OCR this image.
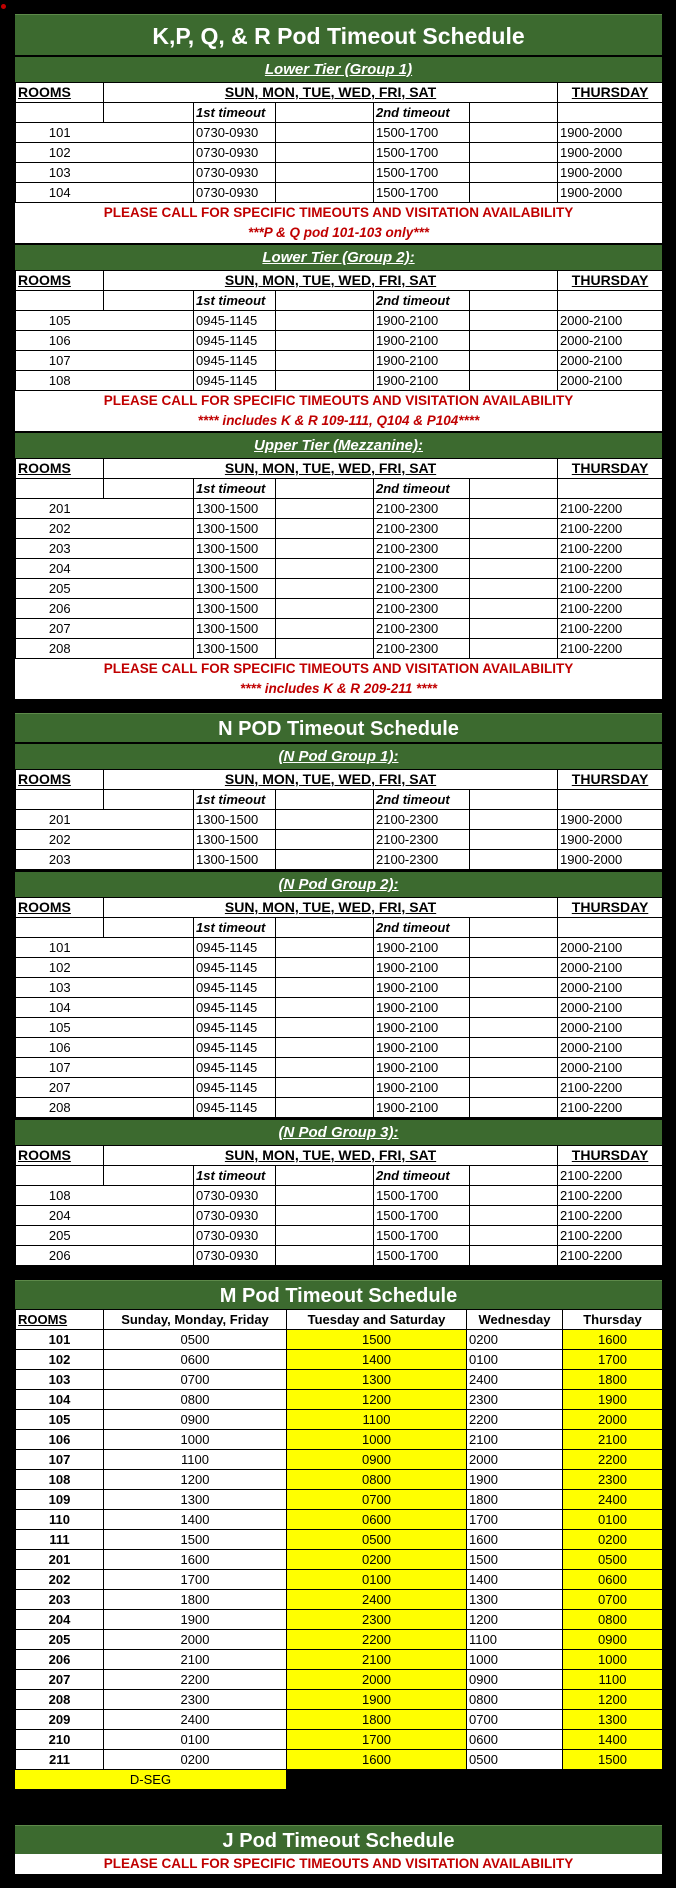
K,P, Q, & R Pod Timeout Schedule
Lower Tier (Group 1)
ROOMS	SUN, MON, TUE, WED, FRI, SAT					THURSDAY
		1st timeout		2nd timeout		
101		0730-0930		1500-1700		1900-2000
102		0730-0930		1500-1700		1900-2000
103		0730-0930		1500-1700		1900-2000
104		0730-0930		1500-1700		1900-2000
PLEASE CALL FOR SPECIFIC TIMEOUTS AND VISITATION AVAILABILITY
***P & Q pod 101-103 only***
Lower Tier (Group 2):
ROOMS	SUN, MON, TUE, WED, FRI, SAT					THURSDAY
		1st timeout		2nd timeout		
105		0945-1145		1900-2100		2000-2100
106		0945-1145		1900-2100		2000-2100
107		0945-1145		1900-2100		2000-2100
108		0945-1145		1900-2100		2000-2100
PLEASE CALL FOR SPECIFIC TIMEOUTS AND VISITATION AVAILABILITY
**** includes K & R 109-111, Q104 & P104****
Upper Tier (Mezzanine):
ROOMS	SUN, MON, TUE, WED, FRI, SAT					THURSDAY
		1st timeout		2nd timeout		
201		1300-1500		2100-2300		2100-2200
202		1300-1500		2100-2300		2100-2200
203		1300-1500		2100-2300		2100-2200
204		1300-1500		2100-2300		2100-2200
205		1300-1500		2100-2300		2100-2200
206		1300-1500		2100-2300		2100-2200
207		1300-1500		2100-2300		2100-2200
208		1300-1500		2100-2300		2100-2200
PLEASE CALL FOR SPECIFIC TIMEOUTS AND VISITATION AVAILABILITY
**** includes K & R 209-211 ****
N POD Timeout Schedule
(N Pod Group 1):
ROOMS	SUN, MON, TUE, WED, FRI, SAT					THURSDAY
		1st timeout		2nd timeout		
201		1300-1500		2100-2300		1900-2000
202		1300-1500		2100-2300		1900-2000
203		1300-1500		2100-2300		1900-2000
(N Pod Group 2):
ROOMS	SUN, MON, TUE, WED, FRI, SAT					THURSDAY
		1st timeout		2nd timeout		
101		0945-1145		1900-2100		2000-2100
102		0945-1145		1900-2100		2000-2100
103		0945-1145		1900-2100		2000-2100
104		0945-1145		1900-2100		2000-2100
105		0945-1145		1900-2100		2000-2100
106		0945-1145		1900-2100		2000-2100
107		0945-1145		1900-2100		2000-2100
207		0945-1145		1900-2100		2100-2200
208		0945-1145		1900-2100		2100-2200
(N Pod Group 3):
ROOMS	SUN, MON, TUE, WED, FRI, SAT					THURSDAY
		1st timeout		2nd timeout		2100-2200
108		0730-0930		1500-1700		2100-2200
204		0730-0930		1500-1700		2100-2200
205		0730-0930		1500-1700		2100-2200
206		0730-0930		1500-1700		2100-2200
M Pod Timeout Schedule
ROOMS	Sunday, Monday, Friday	Tuesday and Saturday	Wednesday	Thursday
101	0500	1500	0200	1600
102	0600	1400	0100	1700
103	0700	1300	2400	1800
104	0800	1200	2300	1900
105	0900	1100	2200	2000
106	1000	1000	2100	2100
107	1100	0900	2000	2200
108	1200	0800	1900	2300
109	1300	0700	1800	2400
110	1400	0600	1700	0100
111	1500	0500	1600	0200
201	1600	0200	1500	0500
202	1700	0100	1400	0600
203	1800	2400	1300	0700
204	1900	2300	1200	0800
205	2000	2200	1100	0900
206	2100	2100	1000	1000
207	2200	2000	0900	1100
208	2300	1900	0800	1200
209	2400	1800	0700	1300
210	0100	1700	0600	1400
211	0200	1600	0500	1500
D-SEG
J Pod Timeout Schedule
PLEASE CALL FOR SPECIFIC TIMEOUTS AND VISITATION AVAILABILITY
